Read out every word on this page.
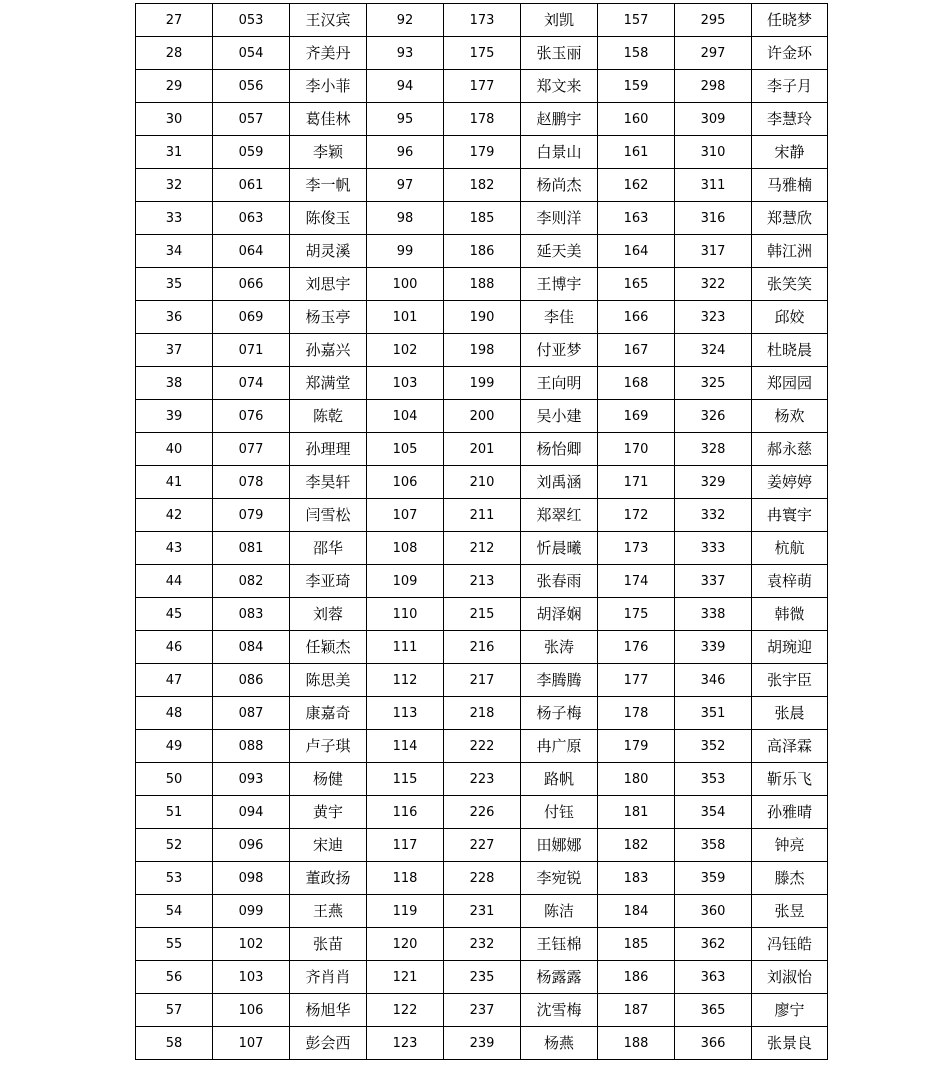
27	053	王汉宾	92	173	刘凯	157	295	任晓梦
28	054	齐美丹	93	175	张玉丽	158	297	许金环
29	056	李小菲	94	177	郑文来	159	298	李子月
30	057	葛佳林	95	178	赵鹏宇	160	309	李慧玲
31	059	李颖	96	179	白景山	161	310	宋静
32	061	李一帆	97	182	杨尚杰	162	311	马雅楠
33	063	陈俊玉	98	185	李则洋	163	316	郑慧欣
34	064	胡灵溪	99	186	延天美	164	317	韩江洲
35	066	刘思宇	100	188	王博宇	165	322	张笑笑
36	069	杨玉亭	101	190	李佳	166	323	邱姣
37	071	孙嘉兴	102	198	付亚梦	167	324	杜晓晨
38	074	郑满堂	103	199	王向明	168	325	郑园园
39	076	陈乾	104	200	吴小建	169	326	杨欢
40	077	孙理理	105	201	杨怡卿	170	328	郝永慈
41	078	李昊轩	106	210	刘禹涵	171	329	姜婷婷
42	079	闫雪松	107	211	郑翠红	172	332	冉寰宇
43	081	邵华	108	212	忻晨曦	173	333	杭航
44	082	李亚琦	109	213	张春雨	174	337	袁梓萌
45	083	刘蓉	110	215	胡泽娴	175	338	韩微
46	084	任颖杰	111	216	张涛	176	339	胡琬迎
47	086	陈思美	112	217	李腾腾	177	346	张宇臣
48	087	康嘉奇	113	218	杨子梅	178	351	张晨
49	088	卢子琪	114	222	冉广原	179	352	高泽霖
50	093	杨健	115	223	路帆	180	353	靳乐飞
51	094	黄宇	116	226	付钰	181	354	孙雅晴
52	096	宋迪	117	227	田娜娜	182	358	钟亮
53	098	董政扬	118	228	李宛锐	183	359	滕杰
54	099	王燕	119	231	陈洁	184	360	张昱
55	102	张苗	120	232	王钰棉	185	362	冯钰皓
56	103	齐肖肖	121	235	杨露露	186	363	刘淑怡
57	106	杨旭华	122	237	沈雪梅	187	365	廖宁
58	107	彭会西	123	239	杨燕	188	366	张景良
